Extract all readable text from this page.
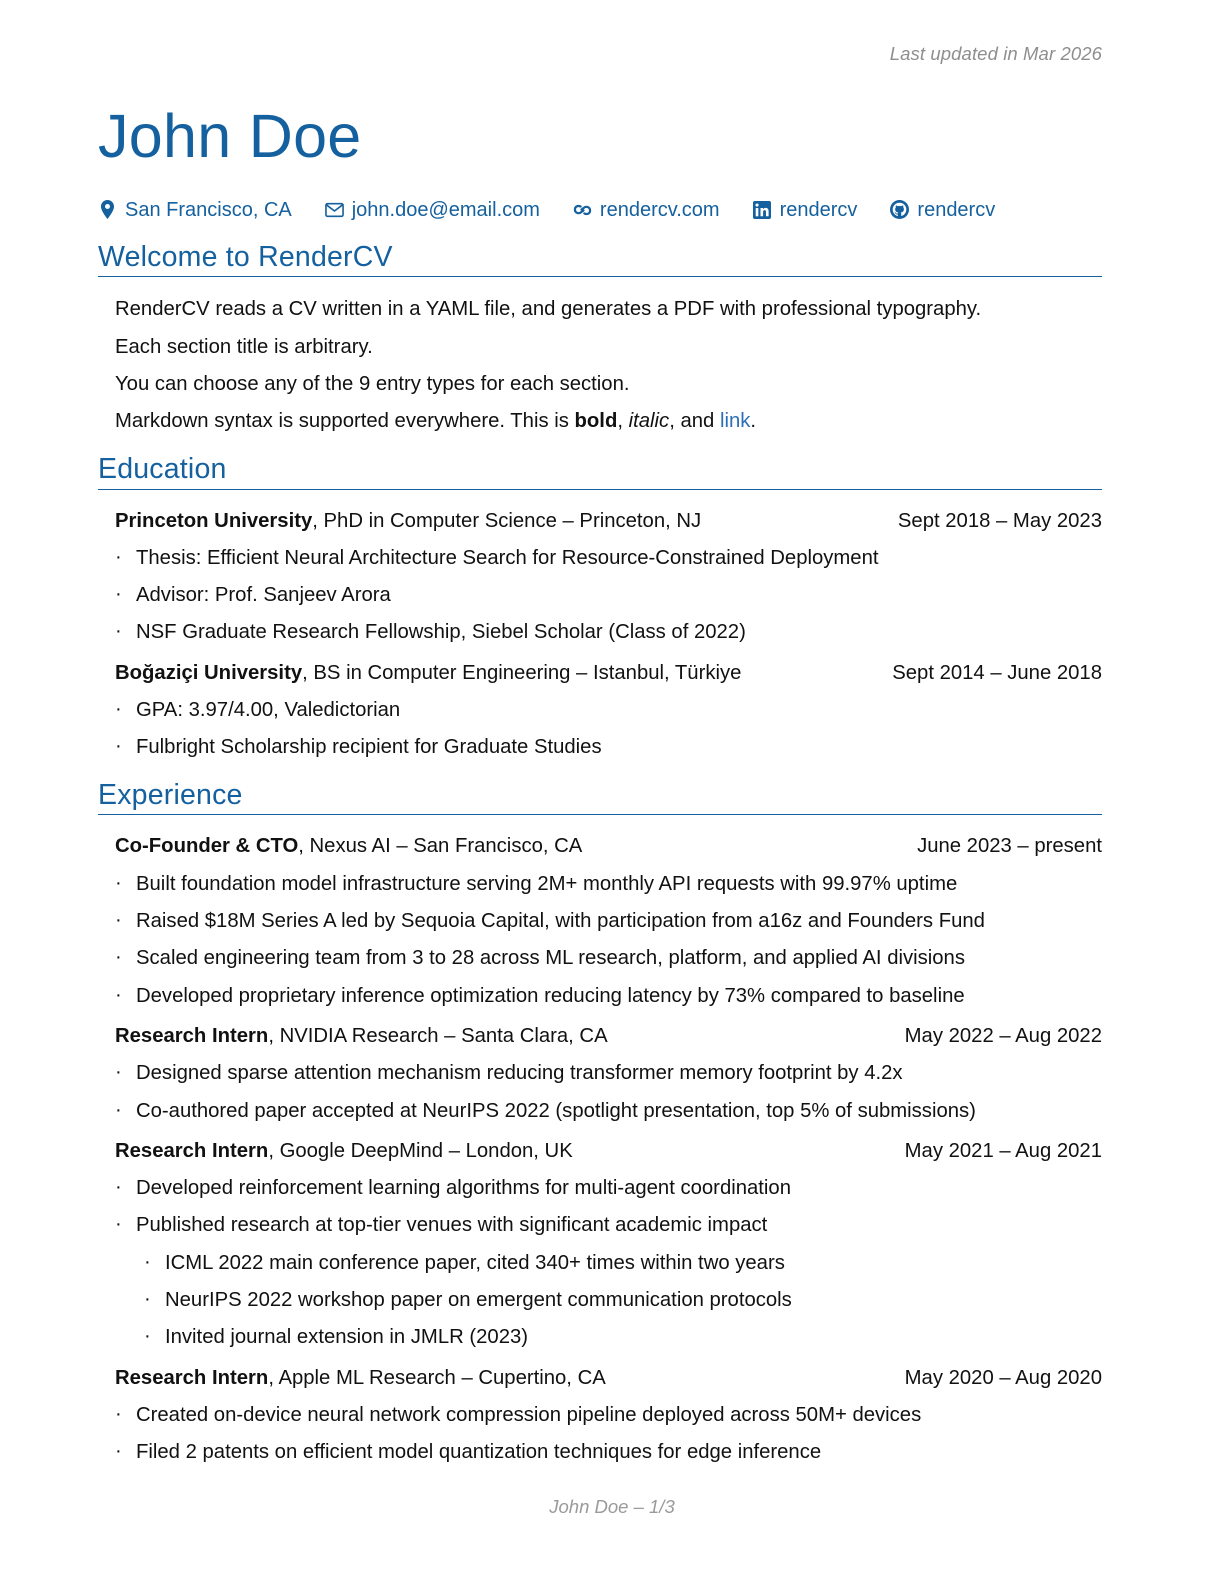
Last updated in Mar 2026
John Doe
San Francisco, CA	john.doe@email.com	rendercv.com	rendercv	rendercv
Welcome to RenderCV
RenderCV reads a CV written in a YAML file, and generates a PDF with professional typography.
Each section title is arbitrary.
You can choose any of the 9 entry types for each section.
Markdown syntax is supported everywhere. This is bold, italic, and link.
Education
Princeton University, PhD in Computer Science – Princeton, NJ	Sept 2018 – May 2023
· Thesis: Efficient Neural Architecture Search for Resource-Constrained Deployment
· Advisor: Prof. Sanjeev Arora
· NSF Graduate Research Fellowship, Siebel Scholar (Class of 2022)
Boğaziçi University, BS in Computer Engineering – Istanbul, Türkiye	Sept 2014 – June 2018
· GPA: 3.97/4.00, Valedictorian
· Fulbright Scholarship recipient for Graduate Studies
Experience
Co-Founder & CTO, Nexus AI – San Francisco, CA	June 2023 – present
· Built foundation model infrastructure serving 2M+ monthly API requests with 99.97% uptime
· Raised $18M Series A led by Sequoia Capital, with participation from a16z and Founders Fund
· Scaled engineering team from 3 to 28 across ML research, platform, and applied AI divisions
· Developed proprietary inference optimization reducing latency by 73% compared to baseline
Research Intern, NVIDIA Research – Santa Clara, CA	May 2022 – Aug 2022
· Designed sparse attention mechanism reducing transformer memory footprint by 4.2x
· Co-authored paper accepted at NeurIPS 2022 (spotlight presentation, top 5% of submissions)
Research Intern, Google DeepMind – London, UK	May 2021 – Aug 2021
· Developed reinforcement learning algorithms for multi-agent coordination
· Published research at top-tier venues with significant academic impact
· ICML 2022 main conference paper, cited 340+ times within two years
· NeurIPS 2022 workshop paper on emergent communication protocols
· Invited journal extension in JMLR (2023)
Research Intern, Apple ML Research – Cupertino, CA	May 2020 – Aug 2020
· Created on-device neural network compression pipeline deployed across 50M+ devices
· Filed 2 patents on efficient model quantization techniques for edge inference
John Doe – 1/3
